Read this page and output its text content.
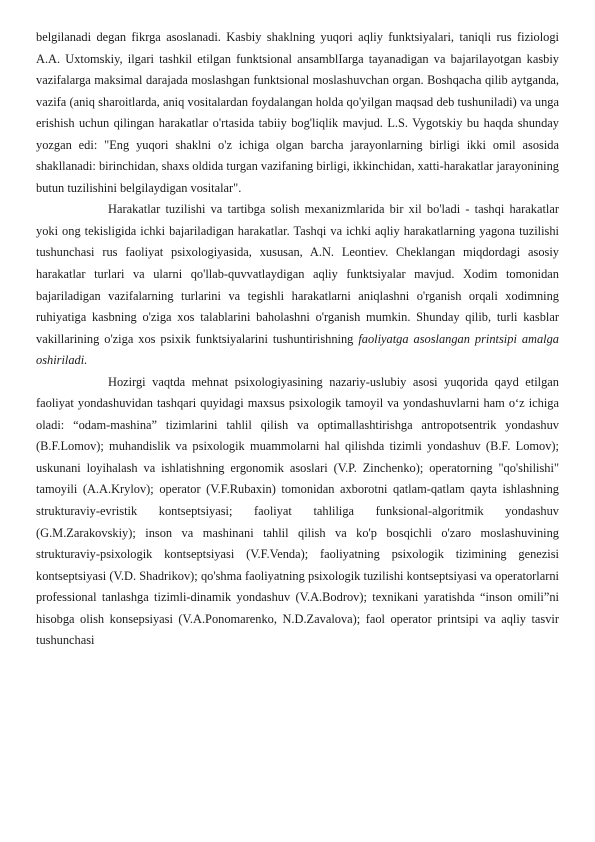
belgilanadi degan fikrga asoslanadi. Kasbiy shaklning yuqori aqliy funktsiyalari, taniqli rus fiziologi A.A. Uxtomskiy, ilgari tashkil etilgan funktsional ansamblIarga tayanadigan va bajarilayotgan kasbiy vazifalarga maksimal darajada moslashgan funktsional moslashuvchan organ. Boshqacha qilib aytganda, vazifa (aniq sharoitlarda, aniq vositalardan foydalangan holda qo'yilgan maqsad deb tushuniladi) va unga erishish uchun qilingan harakatlar o'rtasida tabiiy bog'liqlik mavjud. L.S. Vygotskiy bu haqda shunday yozgan edi: "Eng yuqori shaklni o'z ichiga olgan barcha jarayonlarning birligi ikki omil asosida shakllanadi: birinchidan, shaxs oldida turgan vazifaning birligi, ikkinchidan, xatti-harakatlar jarayonining butun tuzilishini belgilaydigan vositalar".

Harakatlar tuzilishi va tartibga solish mexanizmlarida bir xil bo'ladi - tashqi harakatlar yoki ong tekisligida ichki bajariladigan harakatlar. Tashqi va ichki aqliy harakatlarning yagona tuzilishi tushunchasi rus faoliyat psixologiyasida, xususan, A.N. Leontiev. Cheklangan miqdordagi asosiy harakatlar turlari va ularni qo'llab-quvvatlaydigan aqliy funktsiyalar mavjud. Xodim tomonidan bajariladigan vazifalarning turlarini va tegishli harakatlarni aniqlashni o'rganish orqali xodimning ruhiyatiga kasbning o'ziga xos talablarini baholashni o'rganish mumkin. Shunday qilib, turli kasblar vakillarining o'ziga xos psixik funktsiyalarini tushuntirishning faoliyatga asoslangan printsipi amalga oshiriladi.

Hozirgi vaqtda mehnat psixologiyasining nazariy-uslubiy asosi yuqorida qayd etilgan faoliyat yondashuvidan tashqari quyidagi maxsus psixologik tamoyil va yondashuvlarni ham o‘z ichiga oladi: “odam-mashina” tizimlarini tahlil qilish va optimallashtirishga antropotsentrik yondashuv (B.F.Lomov); muhandislik va psixologik muammolarni hal qilishda tizimli yondashuv (B.F. Lomov); uskunani loyihalash va ishlatishning ergonomik asoslari (V.P. Zinchenko); operatorning "qo'shilishi" tamoyili (A.A.Krylov); operator (V.F.Rubaxin) tomonidan axborotni qatlam-qatlam qayta ishlashning strukturaviy-evristik kontseptsiyasi; faoliyat tahliliga funksional-algoritmik yondashuv (G.M.Zarakovskiy); inson va mashinani tahlil qilish va ko'p bosqichli o'zaro moslashuvining strukturaviy-psixologik kontseptsiyasi (V.F.Venda); faoliyatning psixologik tizimining genezisi kontseptsiyasi (V.D. Shadrikov); qo'shma faoliyatning psixologik tuzilishi kontseptsiyasi va operatorlarni professional tanlashga tizimli-dinamik yondashuv (V.A.Bodrov); texnikani yaratishda “inson omili”ni hisobga olish konsepsiyasi (V.A.Ponomarenko, N.D.Zavalova); faol operator printsipi va aqliy tasvir tushunchasi
